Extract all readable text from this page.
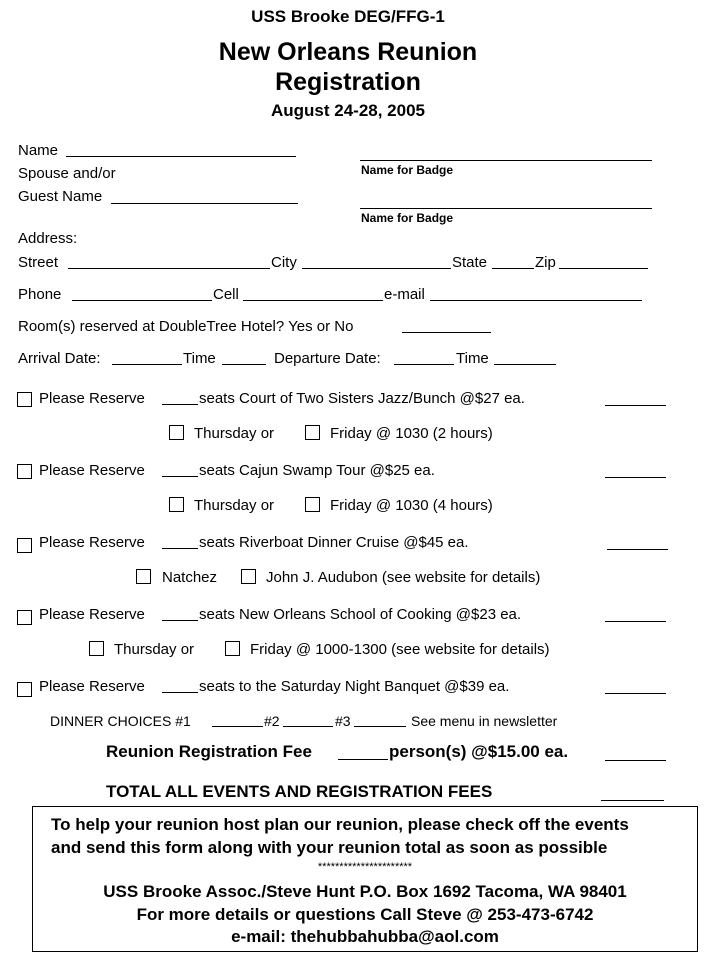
USS Brooke DEG/FFG-1
New Orleans Reunion
Registration
August 24-28, 2005
Name
Name for Badge
Spouse and/or
Guest Name
Name for Badge
Address:
Street	City	State	Zip
Phone	Cell	e-mail
Room(s) reserved at DoubleTree Hotel? Yes or No
Arrival Date:	Time	Departure Date:	Time
Please Reserve	seats Court of Two Sisters Jazz/Bunch @$27 ea.
Thursday or	Friday @ 1030 (2 hours)
Please Reserve	seats Cajun Swamp Tour @$25 ea.
Thursday or	Friday @ 1030 (4 hours)
Please Reserve	seats Riverboat Dinner Cruise @$45 ea.
Natchez	John J. Audubon (see website for details)
Please Reserve	seats New Orleans School of Cooking @$23 ea.
Thursday or	Friday @ 1000-1300 (see website for details)
Please Reserve	seats to the Saturday Night Banquet @$39 ea.
DINNER CHOICES #1	#2	#3	See menu in newsletter
Reunion Registration Fee	person(s) @$15.00 ea.
TOTAL ALL EVENTS AND REGISTRATION FEES
To help your reunion host plan our reunion, please check off the events
and send this form along with your reunion total as soon as possible
**********************
USS Brooke Assoc./Steve Hunt P.O. Box 1692 Tacoma, WA 98401
For more details or questions Call Steve @ 253-473-6742
e-mail: thehubbahubba@aol.com
